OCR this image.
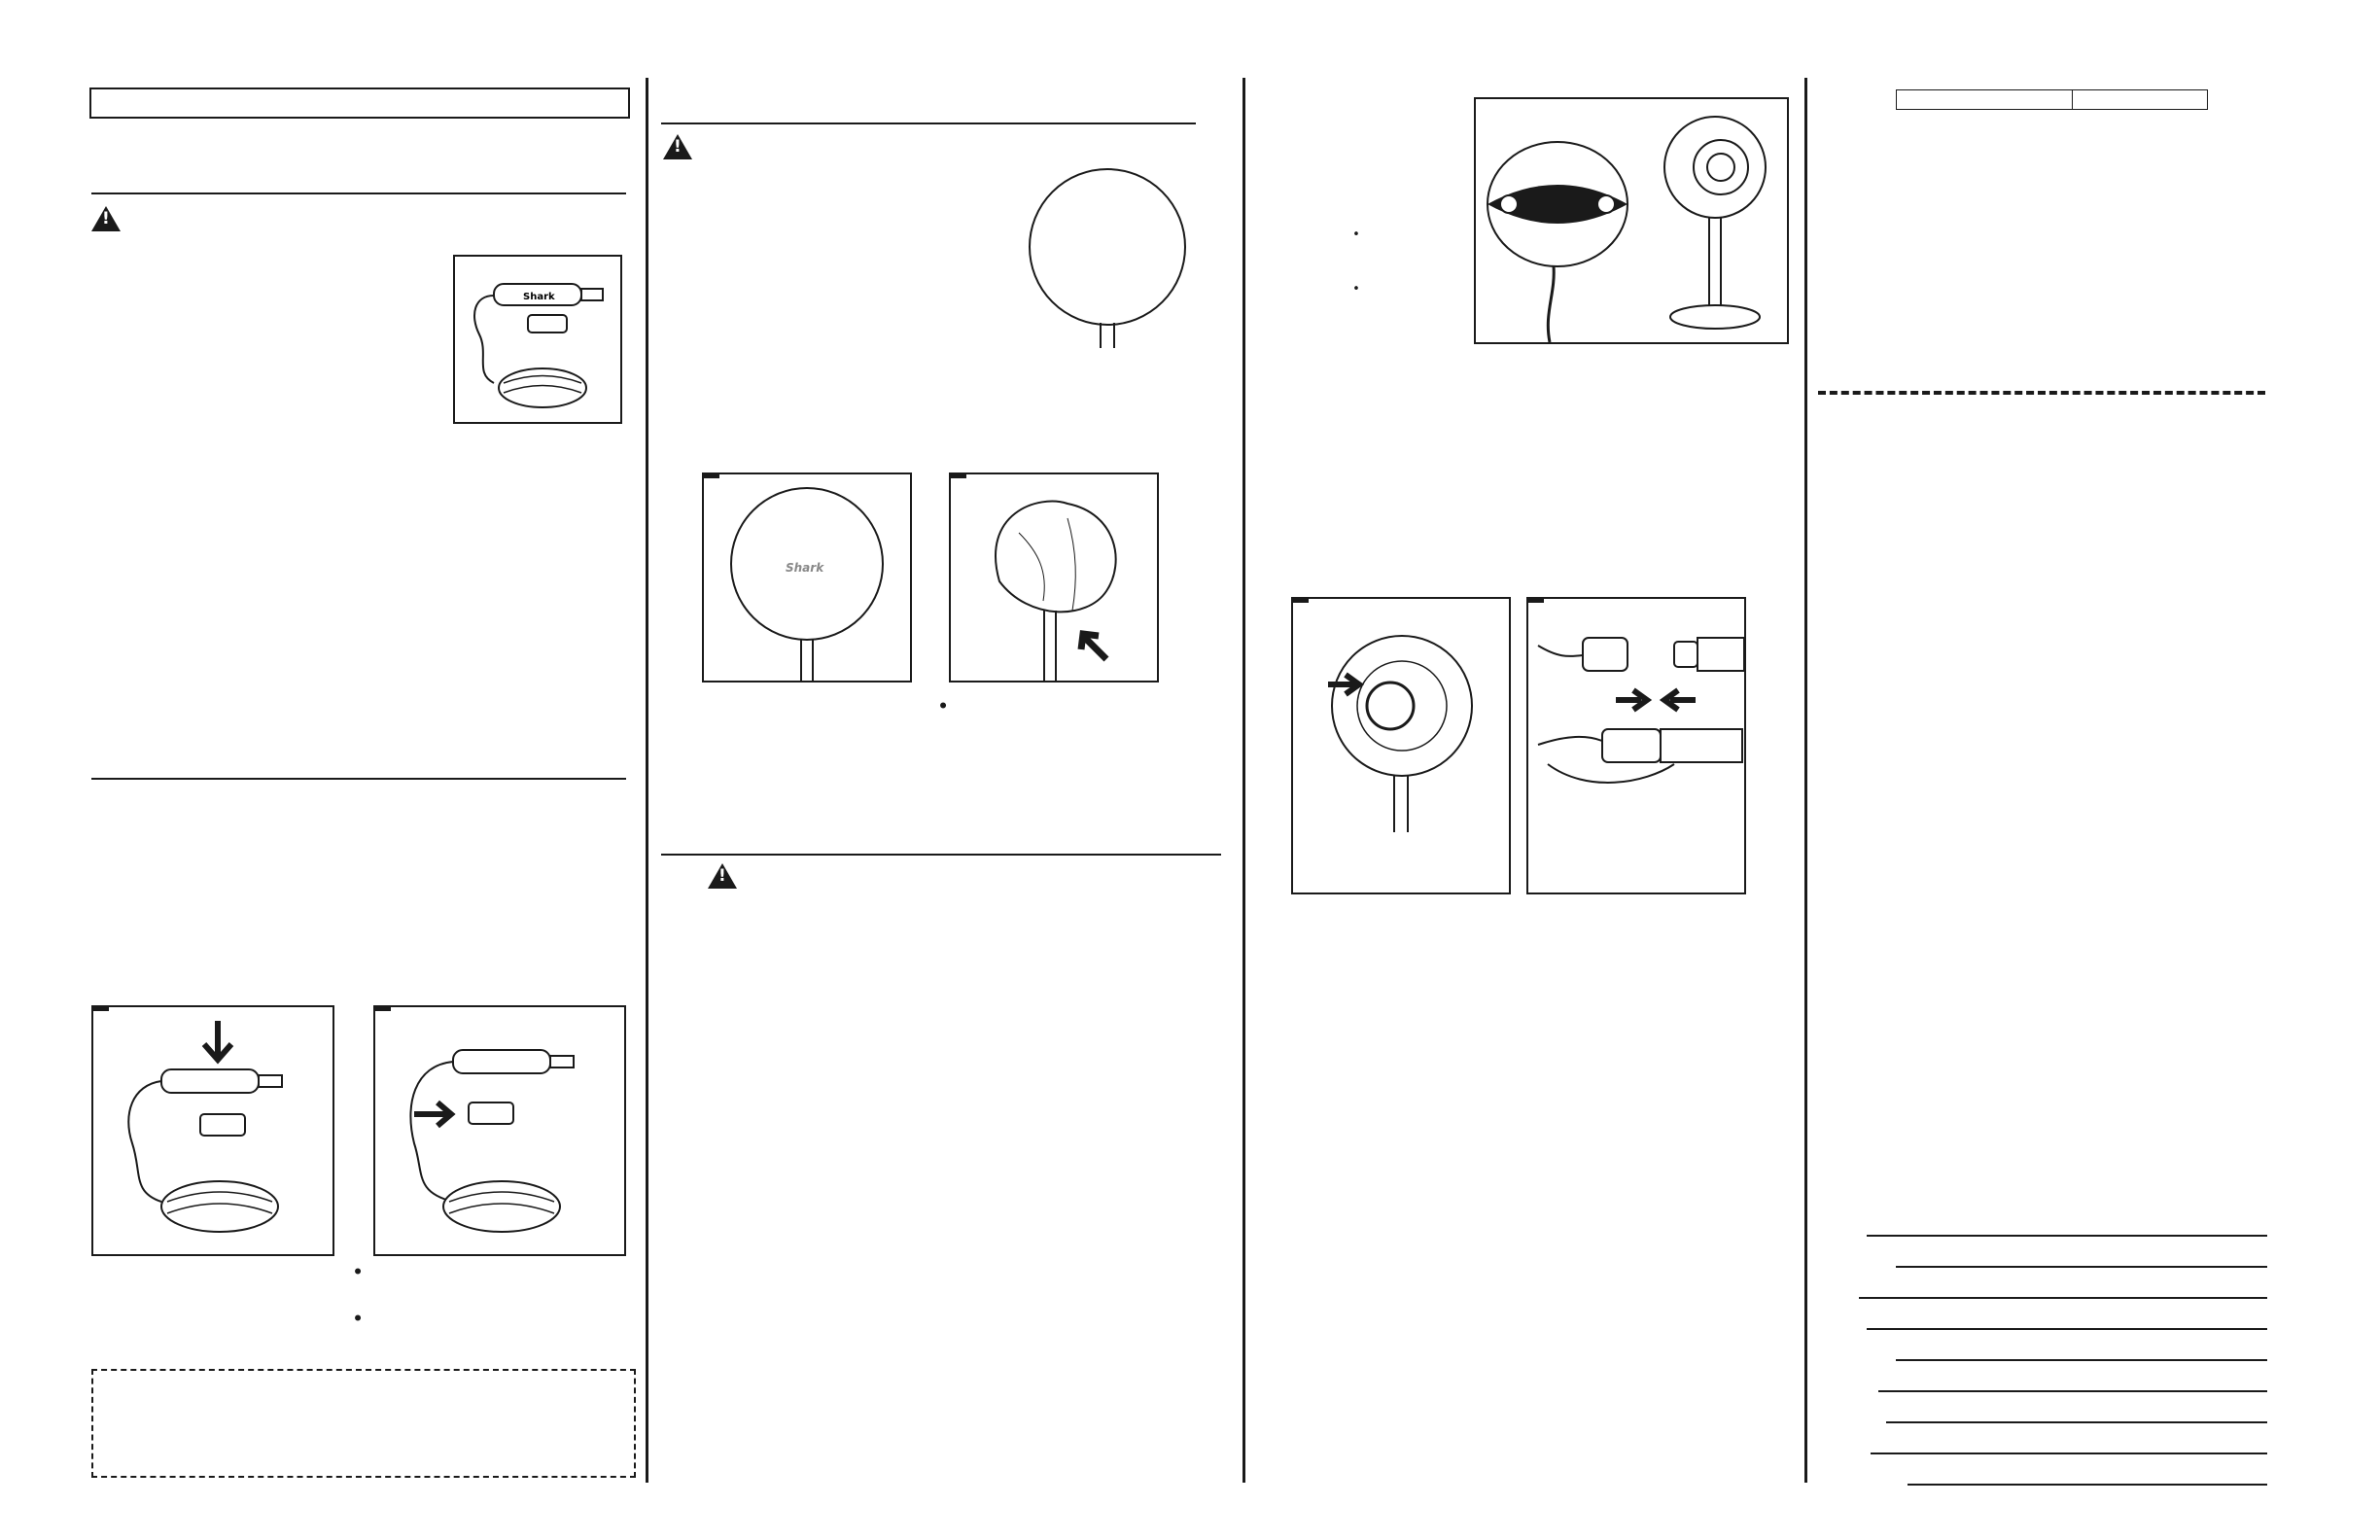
!
Shark
•
•
!
Shark
•
!
•
•
